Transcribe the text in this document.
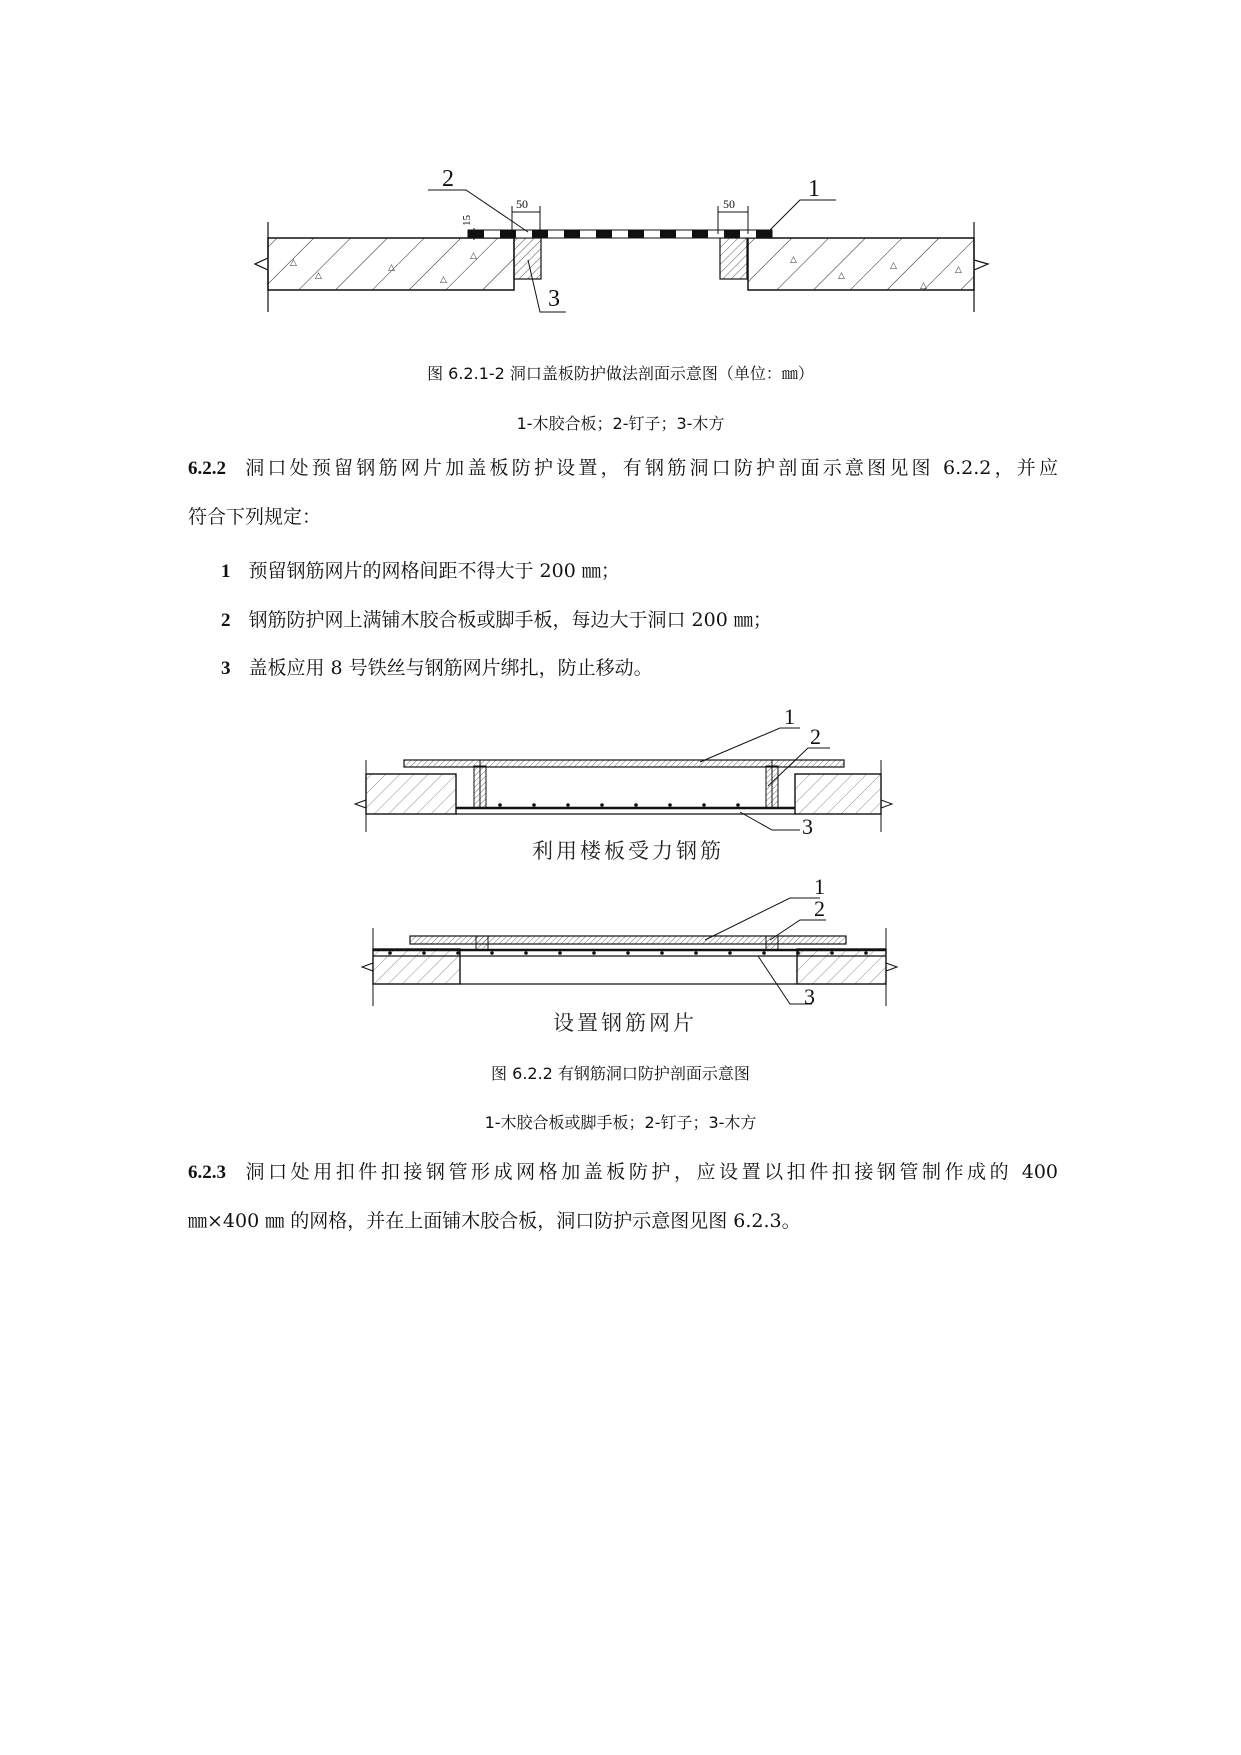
△
△
△
△
△	△
△
△
△
△
50	50
15
2	1
3
图 6.2.1-2 洞口盖板防护做法剖面示意图（单位：㎜）
1-木胶合板；2-钉子；3-木方

6.2.2 洞口处预留钢筋网片加盖板防护设置，有钢筋洞口防护剖面示意图见图 6.2.2，并应

符合下列规定：

1 预留钢筋网片的网格间距不得大于 200 ㎜；

2 钢筋防护网上满铺木胶合板或脚手板，每边大于洞口 200 ㎜；

3 盖板应用 8 号铁丝与钢筋网片绑扎，防止移动。

1
2
3
利用楼板受力钢筋
1
2
3
设置钢筋网片
图 6.2.2 有钢筋洞口防护剖面示意图
1-木胶合板或脚手板；2-钉子；3-木方

6.2.3 洞口处用扣件扣接钢管形成网格加盖板防护，应设置以扣件扣接钢管制作成的 400

㎜×400 ㎜ 的网格，并在上面铺木胶合板，洞口防护示意图见图 6.2.3。
